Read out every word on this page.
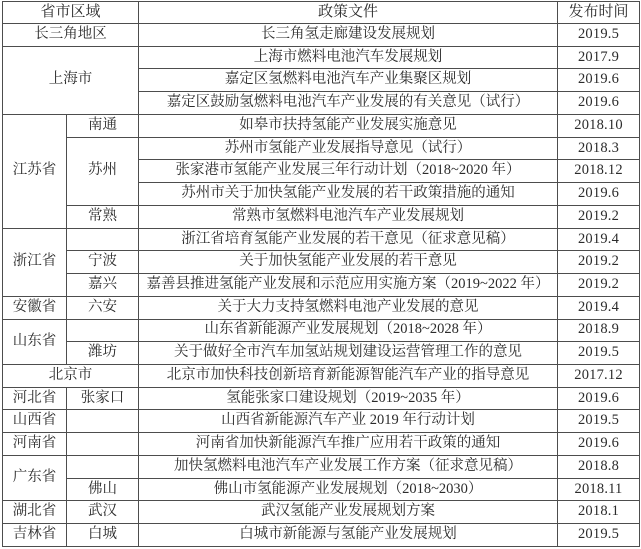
省市区域		政策文件	发布时间
长三角地区		长三角氢走廊建设发展规划	2019.5
上海市		上海市燃料电池汽车发展规划	2017.9
		嘉定区氢燃料电池汽车产业集聚区规划	2019.6
		嘉定区鼓励氢燃料电池汽车产业发展的有关意见（试行）	2019.6
江苏省	南通	如皋市扶持氢能产业发展实施意见	2018.10
	苏州	苏州市氢能产业发展指导意见（试行）	2018.3
		张家港市氢能产业发展三年行动计划（2018~2020 年）	2018.12
		苏州市关于加快氢能产业发展的若干政策措施的通知	2019.6
	常熟	常熟市氢燃料电池汽车产业发展规划	2019.2
浙江省		浙江省培育氢能产业发展的若干意见（征求意见稿）	2019.4
	宁波	关于加快氢能产业发展的若干意见	2019.2
	嘉兴	嘉善县推进氢能产业发展和示范应用实施方案（2019~2022 年）	2019.2
安徽省	六安	关于大力支持氢燃料电池产业发展的意见	2019.4
山东省		山东省新能源产业发展规划（2018~2028 年）	2018.9
	潍坊	关于做好全市汽车加氢站规划建设运营管理工作的意见	2019.5
北京市		北京市加快科技创新培育新能源智能汽车产业的指导意见	2017.12
河北省	张家口	氢能张家口建设规划（2019~2035 年）	2019.6
山西省		山西省新能源汽车产业 2019 年行动计划	2019.5
河南省		河南省加快新能源汽车推广应用若干政策的通知	2019.6
广东省		加快氢燃料电池汽车产业发展工作方案（征求意见稿）	2018.8
	佛山	佛山市氢能源产业发展规划（2018~2030）	2018.11
湖北省	武汉	武汉氢能产业发展规划方案	2018.1
吉林省	白城	白城市新能源与氢能产业发展规划	2019.5
